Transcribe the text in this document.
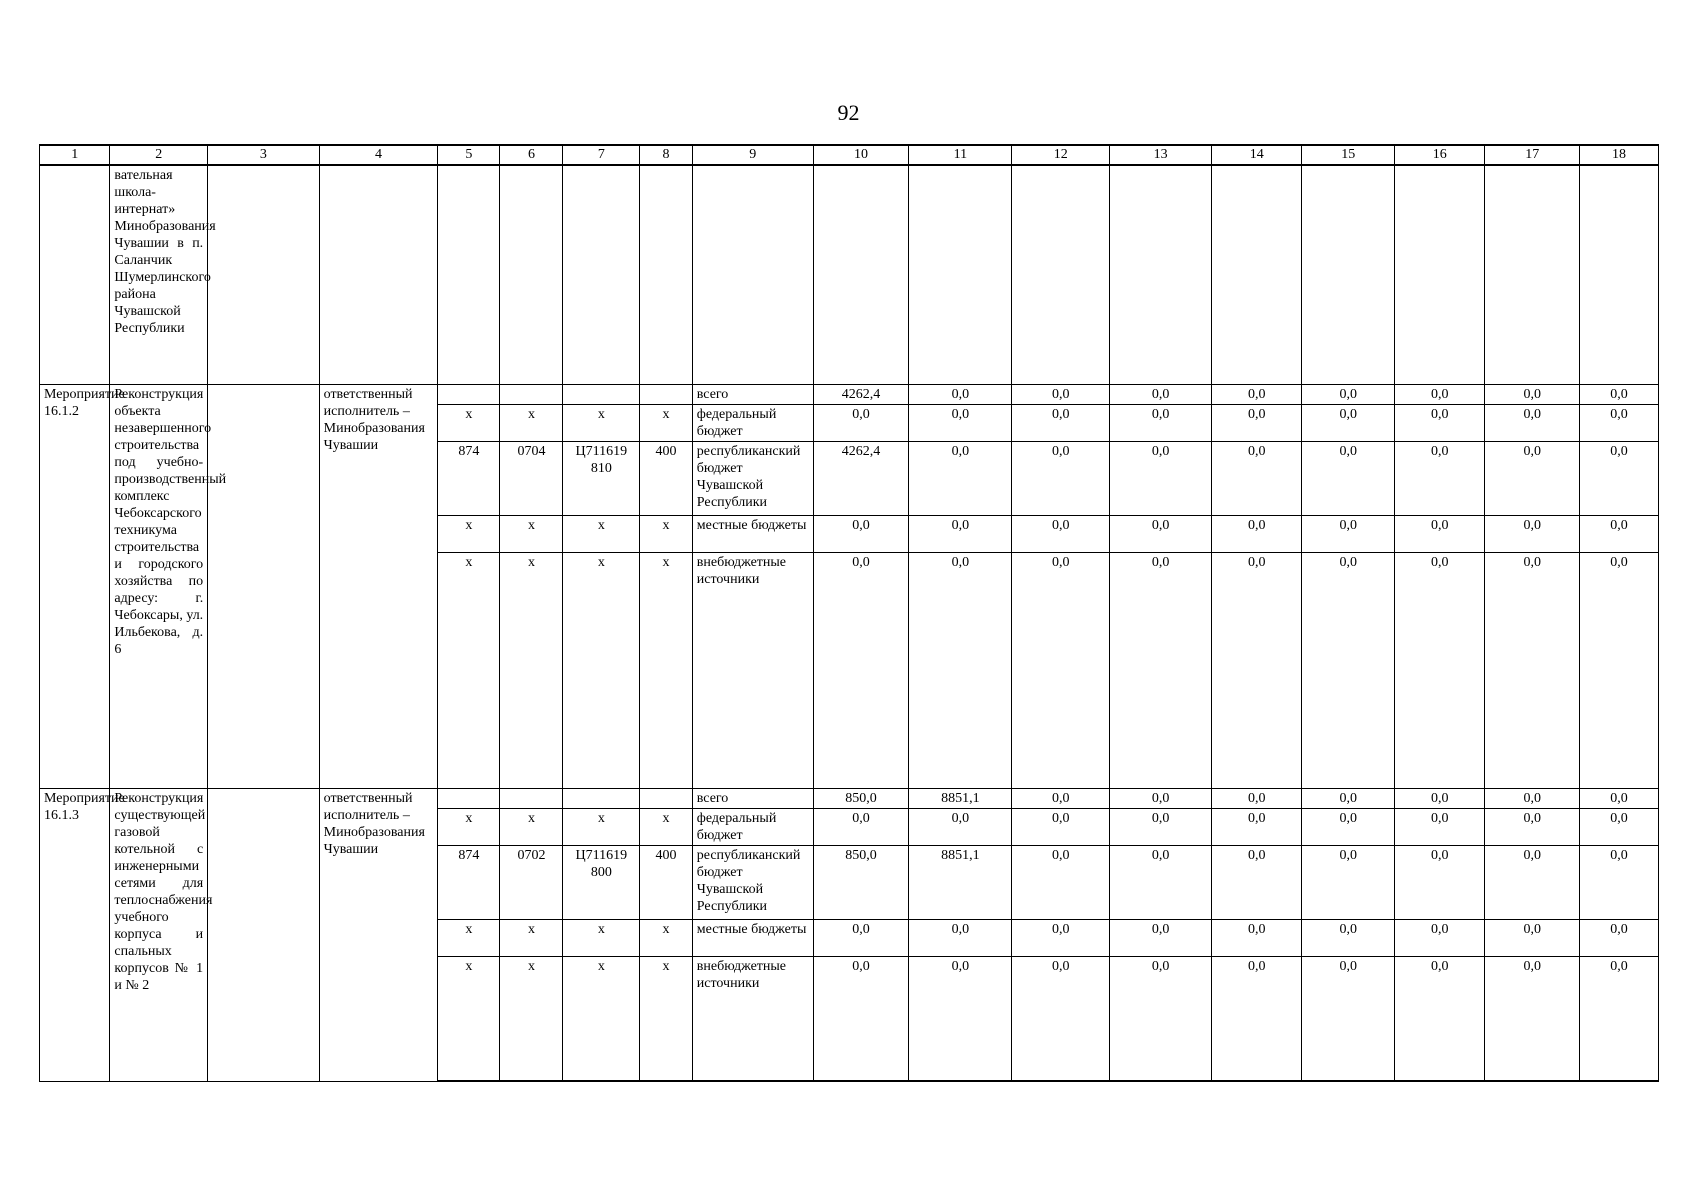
92
1	2	3	4	5	6	7	8	9	10	11	12	13	14	15	16	17	18
	вательная школа-интернат» Минобразования Чувашии в п. Саланчик Шумерлинского района Чувашской Республики																
Мероприятие 16.1.2	Реконструкция объекта незавершенного строительства под учебно-производственный комплекс Чебоксарского техникума строительства и городского хозяйства по адресу: г. Чебоксары, ул. Ильбекова, д. 6		ответственный исполнитель – Минобразования Чувашии					всего	4262,4	0,0	0,0	0,0	0,0	0,0	0,0	0,0	0,0
				x	x	x	x	федеральный бюджет	0,0	0,0	0,0	0,0	0,0	0,0	0,0	0,0	0,0
				874	0704	Ц711619 810	400	республиканский бюджет Чувашской Республики	4262,4	0,0	0,0	0,0	0,0	0,0	0,0	0,0	0,0
				x	x	x	x	местные бюджеты	0,0	0,0	0,0	0,0	0,0	0,0	0,0	0,0	0,0
				x	x	x	x	внебюджетные источники	0,0	0,0	0,0	0,0	0,0	0,0	0,0	0,0	0,0
Мероприятие 16.1.3	Реконструкция существующей газовой котельной с инженерными сетями для теплоснабжения учебного корпуса и спальных корпусов № 1 и № 2		ответственный исполнитель – Минобразования Чувашии					всего	850,0	8851,1	0,0	0,0	0,0	0,0	0,0	0,0	0,0
				x	x	x	x	федеральный бюджет	0,0	0,0	0,0	0,0	0,0	0,0	0,0	0,0	0,0
				874	0702	Ц711619 800	400	республиканский бюджет Чувашской Республики	850,0	8851,1	0,0	0,0	0,0	0,0	0,0	0,0	0,0
				x	x	x	x	местные бюджеты	0,0	0,0	0,0	0,0	0,0	0,0	0,0	0,0	0,0
				x	x	x	x	внебюджетные источники	0,0	0,0	0,0	0,0	0,0	0,0	0,0	0,0	0,0
